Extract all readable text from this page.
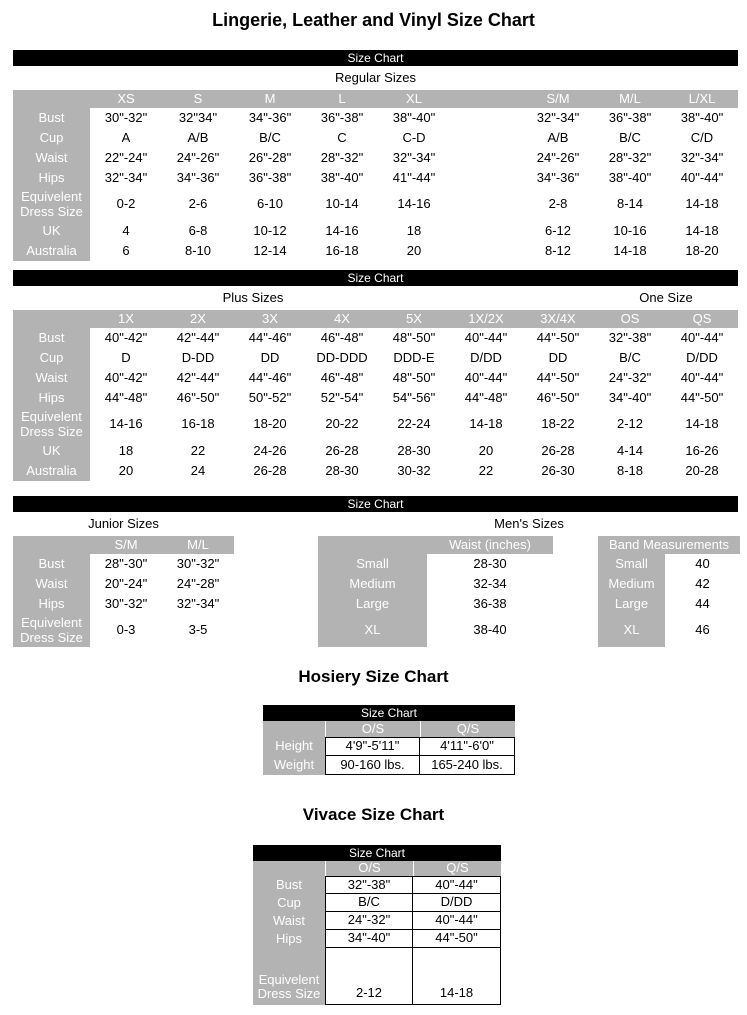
Lingerie, Leather and Vinyl Size Chart
Size Chart
Regular Sizes
XS	S	M	L	XL	S/M	M/L	L/XL
Bust	30"-32"	32"34"	34"-36"	36"-38"	38"-40"	32"-34"	36"-38"	38"-40"
Cup	A	A/B	B/C	C	C-D	A/B	B/C	C/D
Waist	22"-24"	24"-26"	26"-28"	28"-32"	32"-34"	24"-26"	28"-32"	32"-34"
Hips	32"-34"	34"-36"	36"-38"	38"-40"	41"-44"	34"-36"	38"-40"	40"-44"
Equivelent Dress Size	0-2	2-6	6-10	10-14	14-16	2-8	8-14	14-18
UK	4	6-8	10-12	14-16	18	6-12	10-16	14-18
Australia	6	8-10	12-14	16-18	20	8-12	14-18	18-20
Size Chart
Plus Sizes	One Size
1X	2X	3X	4X	5X	1X/2X	3X/4X	OS	QS
Bust	40"-42"	42"-44"	44"-46"	46"-48"	48"-50"	40"-44"	44"-50"	32"-38"	40"-44"
Cup	D	D-DD	DD	DD-DDD	DDD-E	D/DD	DD	B/C	D/DD
Waist	40"-42"	42"-44"	44"-46"	46"-48"	48"-50"	40"-44"	44"-50"	24"-32"	40"-44"
Hips	44"-48"	46"-50"	50"-52"	52"-54"	54"-56"	44"-48"	46"-50"	34"-40"	44"-50"
Equivelent Dress Size	14-16	16-18	18-20	20-22	22-24	14-18	18-22	2-12	14-18
UK	18	22	24-26	26-28	28-30	20	26-28	4-14	16-26
Australia	20	24	26-28	28-30	30-32	22	26-30	8-18	20-28
Size Chart
Junior Sizes	Men's Sizes
S/M	M/L	Waist (inches)	Band Measurements
Bust	28"-30"	30"-32"	Small	28-30	Small	40
Waist	20"-24"	24"-28"	Medium	32-34	Medium	42
Hips	30"-32"	32"-34"	Large	36-38	Large	44
Equivelent Dress Size	0-3	3-5	XL	38-40	XL	46
Hosiery Size Chart
Size Chart
O/S	Q/S
Height	4'9"-5'11"	4'11"-6'0"
Weight	90-160 lbs.	165-240 lbs.
Vivace Size Chart
Size Chart
O/S	Q/S
Bust	32"-38"	40"-44"
Cup	B/C	D/DD
Waist	24"-32"	40"-44"
Hips	34"-40"	44"-50"
Equivelent Dress Size	2-12	14-18
